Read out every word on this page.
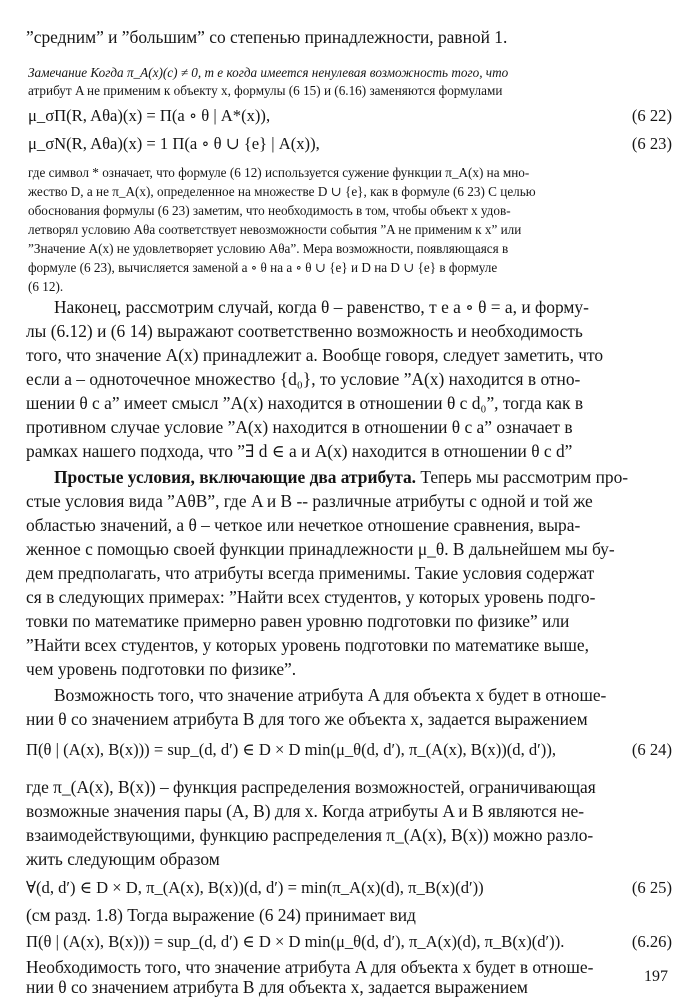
”средним” и ”большим” со степенью принадлежности, равной 1.
Замечание Когда π_A(x)(c) ≠ 0, т е когда имеется ненулевая возможность того, что
атрибут A не применим к объекту x, формулы (6 15) и (6.16) заменяются формулами
μ_σΠ(R, Aθa)(x) = Π(a ∘ θ | A*(x)),	(6 22)
μ_σN(R, Aθa)(x) = 1 Π(a ∘ θ ∪ {e} | A(x)),	(6 23)
где символ * означает, что формуле (6 12) используется сужение функции π_A(x) на мно-
жество D, а не π_A(x), определенное на множестве D ∪ {e}, как в формуле (6 23) С целью
обоснования формулы (6 23) заметим, что необходимость в том, чтобы объект x удов-
летворял условию Aθa соответствует невозможности события ”A не применим к x” или
”Значение A(x) не удовлетворяет условию Aθa”. Мера возможности, появляющаяся в
формуле (6 23), вычисляется заменой a ∘ θ на a ∘ θ ∪ {e} и D на D ∪ {e} в формуле
(6 12).
Наконец, рассмотрим случай, когда θ – равенство, т е a ∘ θ = a, и форму-
лы (6.12) и (6 14) выражают соответственно возможность и необходимость
того, что значение A(x) принадлежит a. Вообще говоря, следует заметить, что
если a – одноточечное множество {d₀}, то условие ”A(x) находится в отно-
шении θ c a” имеет смысл ”A(x) находится в отношении θ c d₀”, тогда как в
противном случае условие ”A(x) находится в отношении θ c a” означает в
рамках нашего подхода, что ”∃ d ∈ a и A(x) находится в отношении θ c d”
Простые условия, включающие два атрибута. Теперь мы рассмотрим про-
стые условия вида ”AθB”, где A и B -- различные атрибуты с одной и той же
областью значений, а θ – четкое или нечеткое отношение сравнения, выра-
женное с помощью своей функции принадлежности μ_θ. В дальнейшем мы бу-
дем предполагать, что атрибуты всегда применимы. Такие условия содержат
ся в следующих примерах: ”Найти всех студентов, у которых уровень подго-
товки по математике примерно равен уровню подготовки по физике” или
”Найти всех студентов, у которых уровень подготовки по математике выше,
чем уровень подготовки по физике”.
Возможность того, что значение атрибута A для объекта x будет в отноше-
нии θ со значением атрибута B для того же объекта x, задается выражением
Π(θ | (A(x), B(x))) = sup_(d, d′) ∈ D × D min(μ_θ(d, d′), π_(A(x), B(x))(d, d′)),	(6 24)
где π_(A(x), B(x)) – функция распределения возможностей, ограничивающая
возможные значения пары (A, B) для x. Когда атрибуты A и B являются не-
взаимодействующими, функцию распределения π_(A(x), B(x)) можно разло-
жить следующим образом
∀(d, d′) ∈ D × D, π_(A(x), B(x))(d, d′) = min(π_A(x)(d), π_B(x)(d′))	(6 25)
(см разд. 1.8) Тогда выражение (6 24) принимает вид
Π(θ | (A(x), B(x))) = sup_(d, d′) ∈ D × D min(μ_θ(d, d′), π_A(x)(d), π_B(x)(d′)).	(6.26)
Необходимость того, что значение атрибута A для объекта x будет в отноше-
нии θ со значением атрибута B для объекта x, задается выражением
197
